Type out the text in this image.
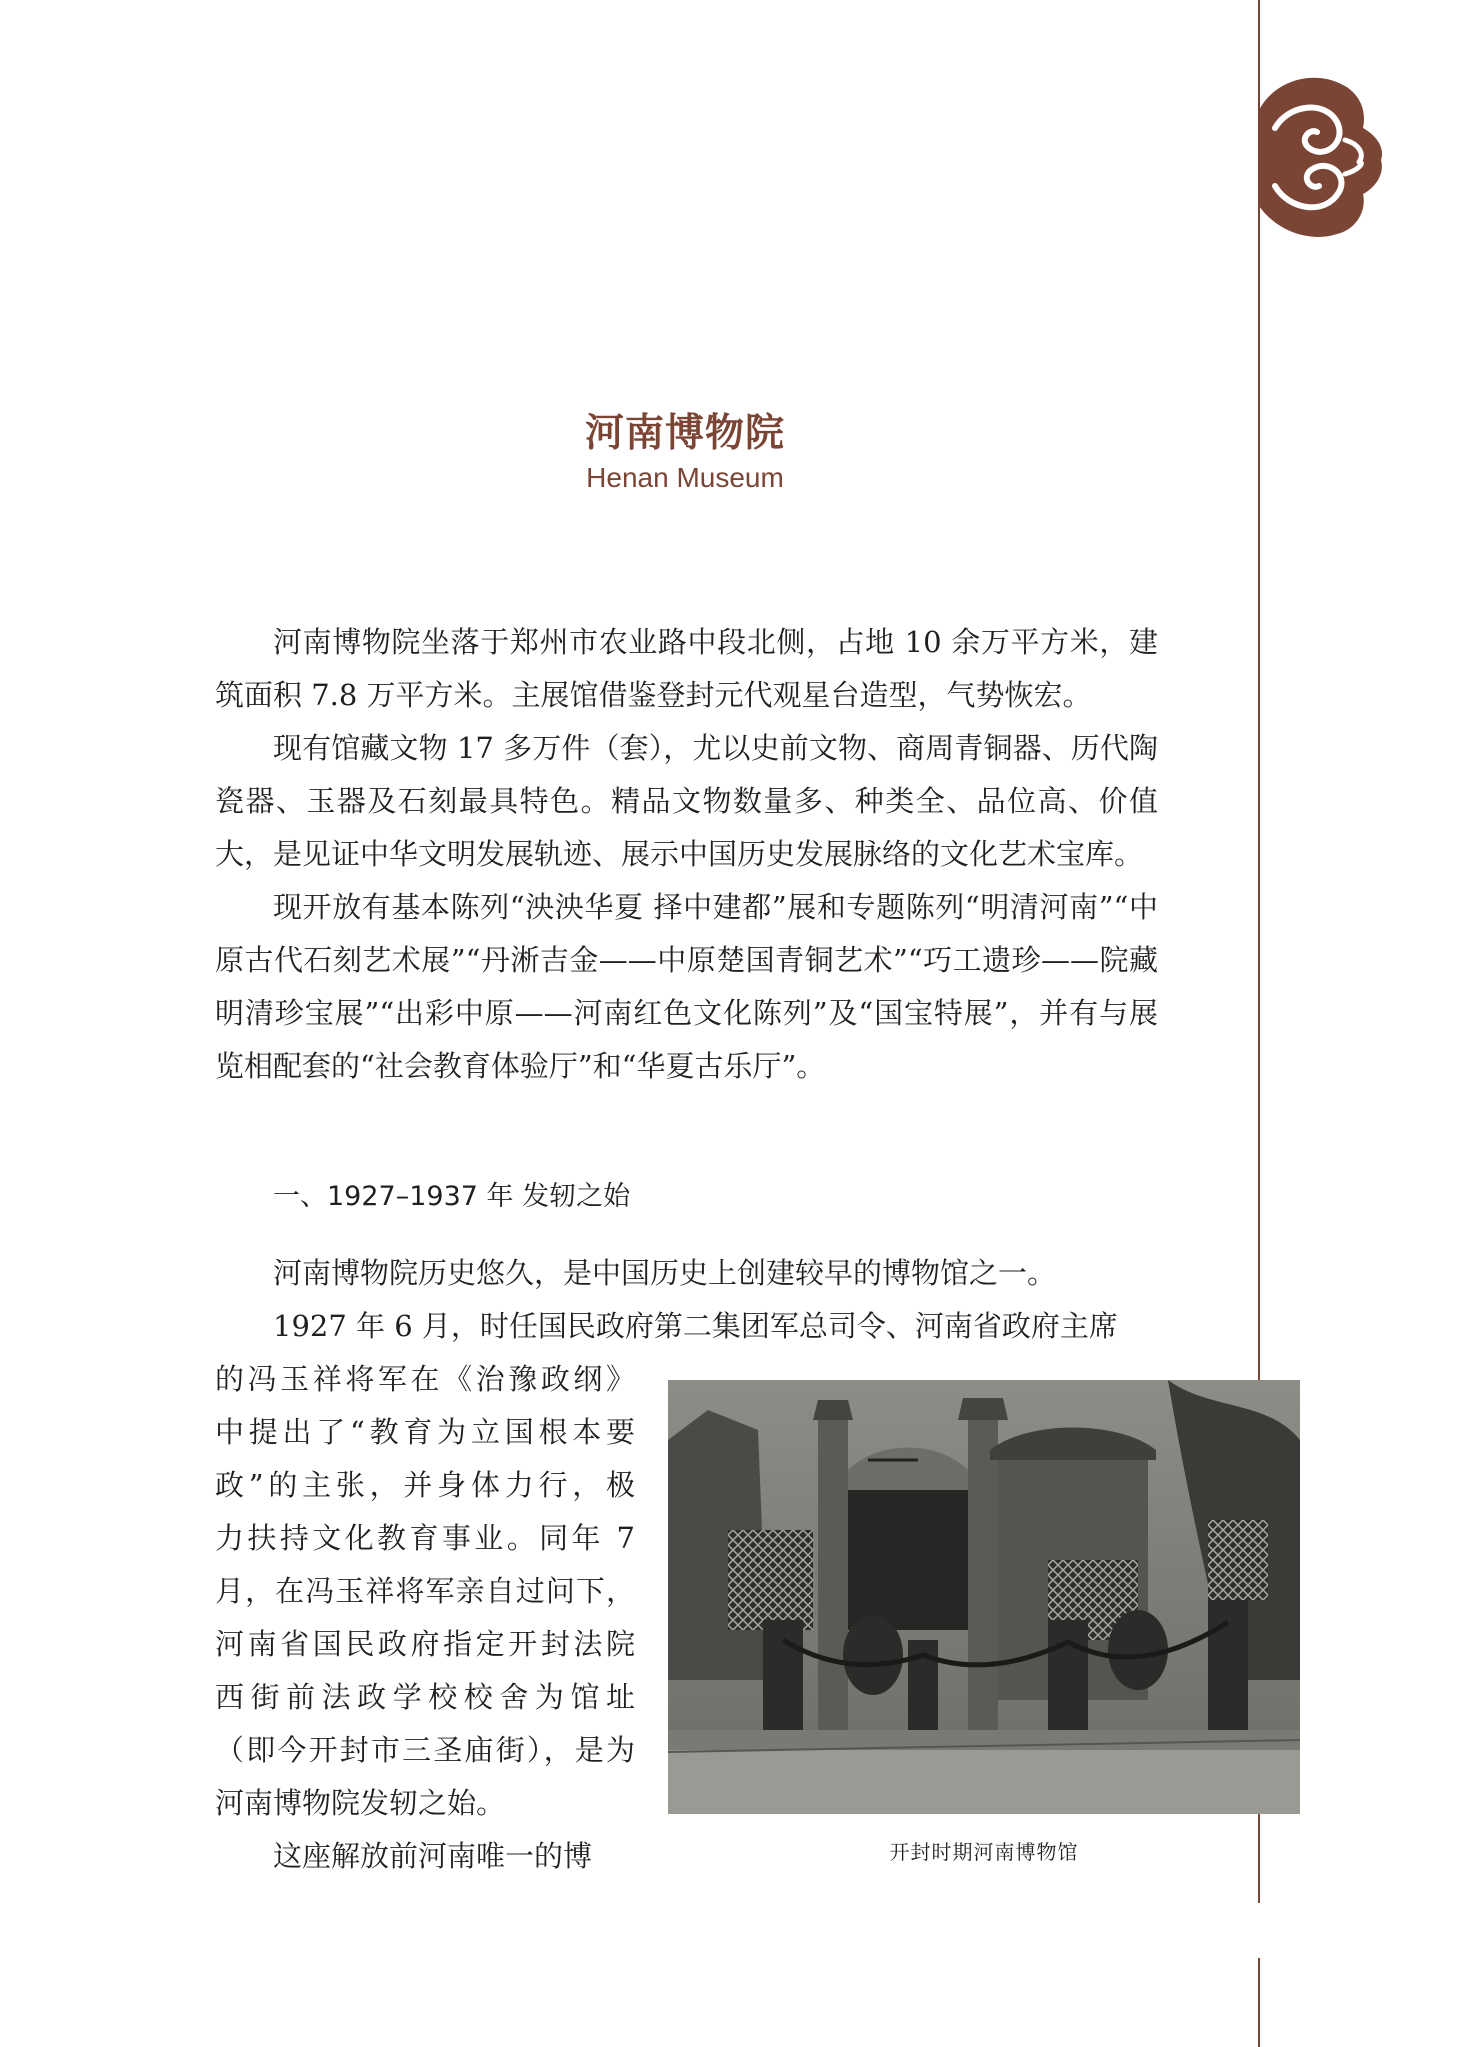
河南博物院
Henan Museum

河南博物院坐落于郑州市农业路中段北侧，占地 10 余万平方米，建筑面积 7.8 万平方米。主展馆借鉴登封元代观星台造型，气势恢宏。

现有馆藏文物 17 多万件（套），尤以史前文物、商周青铜器、历代陶瓷器、玉器及石刻最具特色。精品文物数量多、种类全、品位高、价值大，是见证中华文明发展轨迹、展示中国历史发展脉络的文化艺术宝库。

现开放有基本陈列“泱泱华夏 择中建都”展和专题陈列“明清河南”“中原古代石刻艺术展”“丹淅吉金——中原楚国青铜艺术”“巧工遗珍——院藏明清珍宝展”“出彩中原——河南红色文化陈列”及“国宝特展”，并有与展览相配套的“社会教育体验厅”和“华夏古乐厅”。

一、1927–1937 年 发轫之始

河南博物院历史悠久，是中国历史上创建较早的博物馆之一。

1927 年 6 月，时任国民政府第二集团军总司令、河南省政府主席

的冯玉祥将军在《治豫政纲》
中提出了“教育为立国根本要
政”的主张，并身体力行，极
力扶持文化教育事业。同年 7
月，在冯玉祥将军亲自过问下，
河南省国民政府指定开封法院
西街前法政学校校舍为馆址
（即今开封市三圣庙街），是为
河南博物院发轫之始。
这座解放前河南唯一的博	开封时期河南博物馆
